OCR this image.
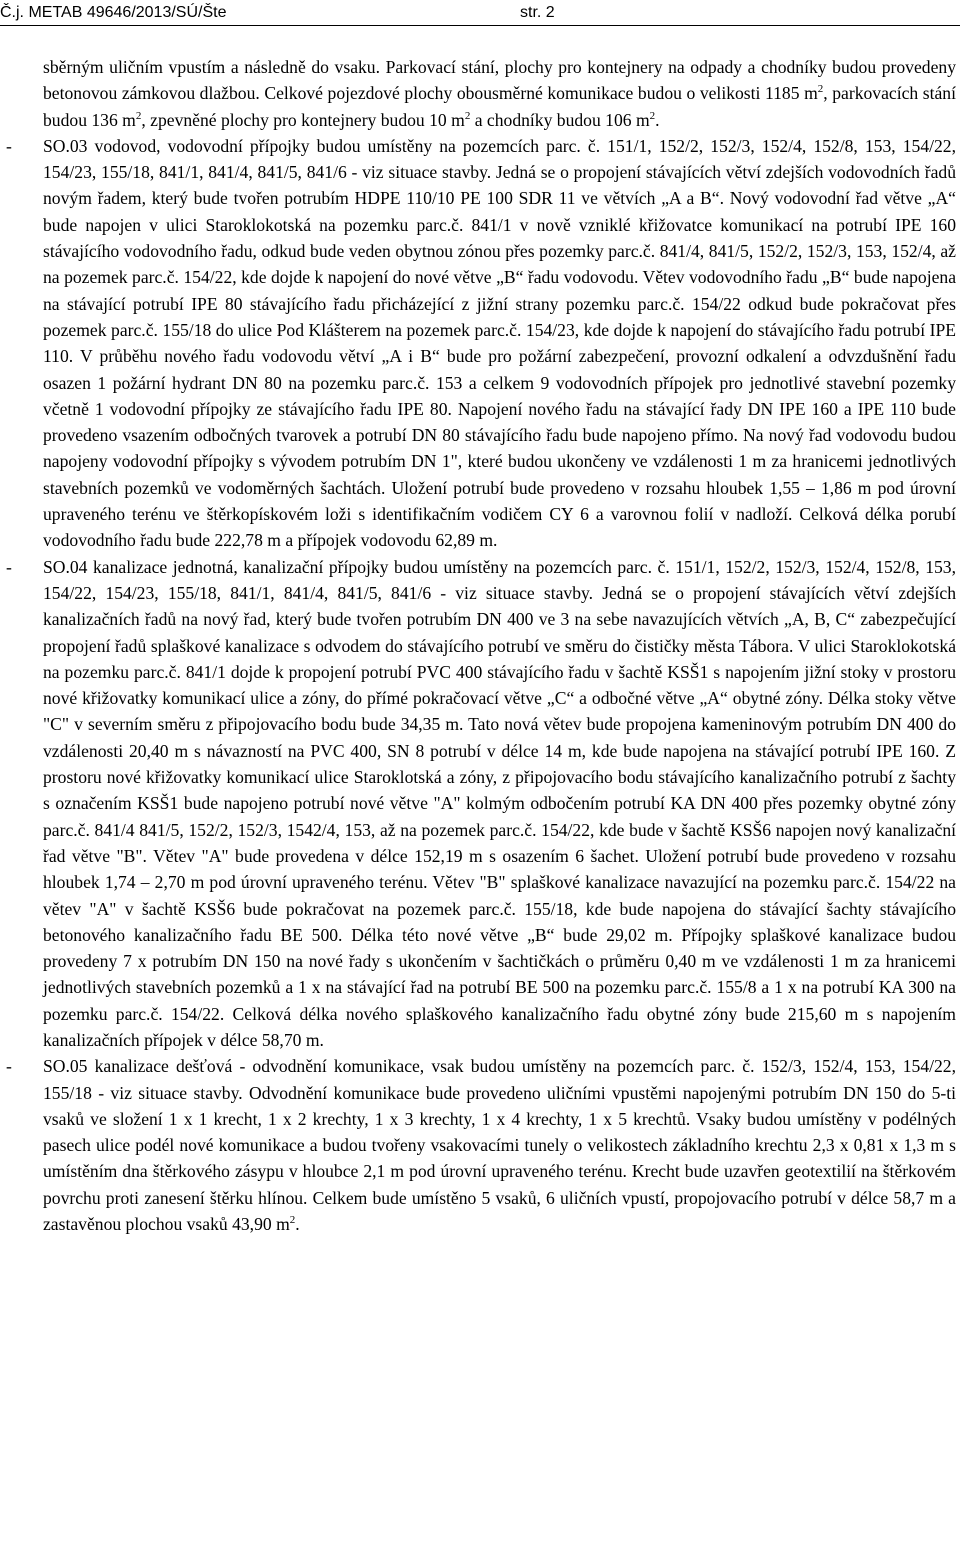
Č.j. METAB 49646/2013/SÚ/Šte	str. 2

sběrným uličním vpustím a následně do vsaku. Parkovací stání, plochy pro kontejnery na odpady a chodníky budou provedeny betonovou zámkovou dlažbou. Celkové pojezdové plochy obousměrné komunikace budou o velikosti 1185 $m^2$, parkovacích stání budou 136 $m^2$, zpevněné plochy pro kontejnery budou 10 $m^2$ a chodníky budou 106 $m^2$.

-	SO.03 vodovod, vodovodní přípojky budou umístěny na pozemcích parc. č. 151/1, 152/2, 152/3, 152/4, 152/8, 153, 154/22, 154/23, 155/18, 841/1, 841/4, 841/5, 841/6 - viz situace stavby. Jedná se o propojení stávajících větví zdejších vodovodních řadů novým řadem, který bude tvořen potrubím HDPE 110/10 PE 100 SDR 11 ve větvích „A a B“. Nový vodovodní řad větve „A“ bude napojen v ulici Staroklokotská na pozemku parc.č. 841/1 v nově vzniklé křižovatce komunikací na potrubí IPE 160 stávajícího vodovodního řadu, odkud bude veden obytnou zónou přes pozemky parc.č. 841/4, 841/5, 152/2, 152/3, 153, 152/4, až na pozemek parc.č. 154/22, kde dojde k napojení do nové větve „B“ řadu vodovodu. Větev vodovodního řadu „B“ bude napojena na stávající potrubí IPE 80 stávajícího řadu přicházející z jižní strany pozemku parc.č. 154/22 odkud bude pokračovat přes pozemek parc.č. 155/18 do ulice Pod Klášterem na pozemek parc.č. 154/23, kde dojde k napojení do stávajícího řadu potrubí IPE 110. V průběhu nového řadu vodovodu větví „A i B“ bude pro požární zabezpečení, provozní odkalení a odvzdušnění řadu osazen 1 požární hydrant DN 80 na pozemku parc.č. 153 a celkem 9 vodovodních přípojek pro jednotlivé stavební pozemky včetně 1 vodovodní přípojky ze stávajícího řadu IPE 80. Napojení nového řadu na stávající řady DN IPE 160 a IPE 110 bude provedeno vsazením odbočných tvarovek a potrubí DN 80 stávajícího řadu bude napojeno přímo. Na nový řad vodovodu budou napojeny vodovodní přípojky s vývodem potrubím DN 1", které budou ukončeny ve vzdálenosti 1 m za hranicemi jednotlivých stavebních pozemků ve vodoměrných šachtách. Uložení potrubí bude provedeno v rozsahu hloubek 1,55 – 1,86 m pod úrovní upraveného terénu ve štěrkopískovém loži s identifikačním vodičem CY 6 a varovnou folií v nadloží. Celková délka porubí vodovodního řadu bude 222,78 m a přípojek vodovodu 62,89 m.

-	SO.04 kanalizace jednotná, kanalizační přípojky budou umístěny na pozemcích parc. č. 151/1, 152/2, 152/3, 152/4, 152/8, 153, 154/22, 154/23, 155/18, 841/1, 841/4, 841/5, 841/6 - viz situace stavby. Jedná se o propojení stávajících větví zdejších kanalizačních řadů na nový řad, který bude tvořen potrubím DN 400 ve 3 na sebe navazujících větvích „A, B, C“ zabezpečující propojení řadů splaškové kanalizace s odvodem do stávajícího potrubí ve směru do čističky města Tábora. V ulici Staroklokotská na pozemku parc.č. 841/1 dojde k propojení potrubí PVC 400 stávajícího řadu v šachtě KSŠ1 s napojením jižní stoky v prostoru nové křižovatky komunikací ulice a zóny, do přímé pokračovací větve „C“ a odbočné větve „A“ obytné zóny. Délka stoky větve "C" v severním směru z připojovacího bodu bude 34,35 m. Tato nová větev bude propojena kameninovým potrubím DN 400 do vzdálenosti 20,40 m s návazností na PVC 400, SN 8 potrubí v délce 14 m, kde bude napojena na stávající potrubí IPE 160. Z prostoru nové křižovatky komunikací ulice Staroklotská a zóny, z připojovacího bodu stávajícího kanalizačního potrubí z šachty s označením KSŠ1 bude napojeno potrubí nové větve "A" kolmým odbočením potrubí KA DN 400 přes pozemky obytné zóny parc.č. 841/4 841/5, 152/2, 152/3, 1542/4, 153, až na pozemek parc.č. 154/22, kde bude v šachtě KSŠ6 napojen nový kanalizační řad větve "B". Větev "A" bude provedena v délce 152,19 m s osazením 6 šachet. Uložení potrubí bude provedeno v rozsahu hloubek 1,74 – 2,70 m pod úrovní upraveného terénu. Větev "B" splaškové kanalizace navazující na pozemku parc.č. 154/22 na větev "A" v šachtě KSŠ6 bude pokračovat na pozemek parc.č. 155/18, kde bude napojena do stávající šachty stávajícího betonového kanalizačního řadu BE 500. Délka této nové větve „B“ bude 29,02 m. Přípojky splaškové kanalizace budou provedeny 7 x potrubím DN 150 na nové řady s ukončením v šachtičkách o průměru 0,40 m ve vzdálenosti 1 m za hranicemi jednotlivých stavebních pozemků a 1 x na stávající řad na potrubí BE 500 na pozemku parc.č. 155/8 a 1 x na potrubí KA 300 na pozemku parc.č. 154/22. Celková délka nového splaškového kanalizačního řadu obytné zóny bude 215,60 m s napojením kanalizačních přípojek v délce 58,70 m.

-	SO.05 kanalizace dešťová - odvodnění komunikace, vsak budou umístěny na pozemcích parc. č. 152/3, 152/4, 153, 154/22, 155/18 - viz situace stavby. Odvodnění komunikace bude provedeno uličními vpustěmi napojenými potrubím DN 150 do 5-ti vsaků ve složení 1 x 1 krecht, 1 x 2 krechty, 1 x 3 krechty, 1 x 4 krechty, 1 x 5 krechtů. Vsaky budou umístěny v podélných pasech ulice podél nové komunikace a budou tvořeny vsakovacími tunely o velikostech základního krechtu 2,3 x 0,81 x 1,3 m s umístěním dna štěrkového zásypu v hloubce 2,1 m pod úrovní upraveného terénu. Krecht bude uzavřen geotextilií na štěrkovém povrchu proti zanesení štěrku hlínou. Celkem bude umístěno 5 vsaků, 6 uličních vpustí, propojovacího potrubí v délce 58,7 m a zastavěnou plochou vsaků 43,90 $m^2$.
